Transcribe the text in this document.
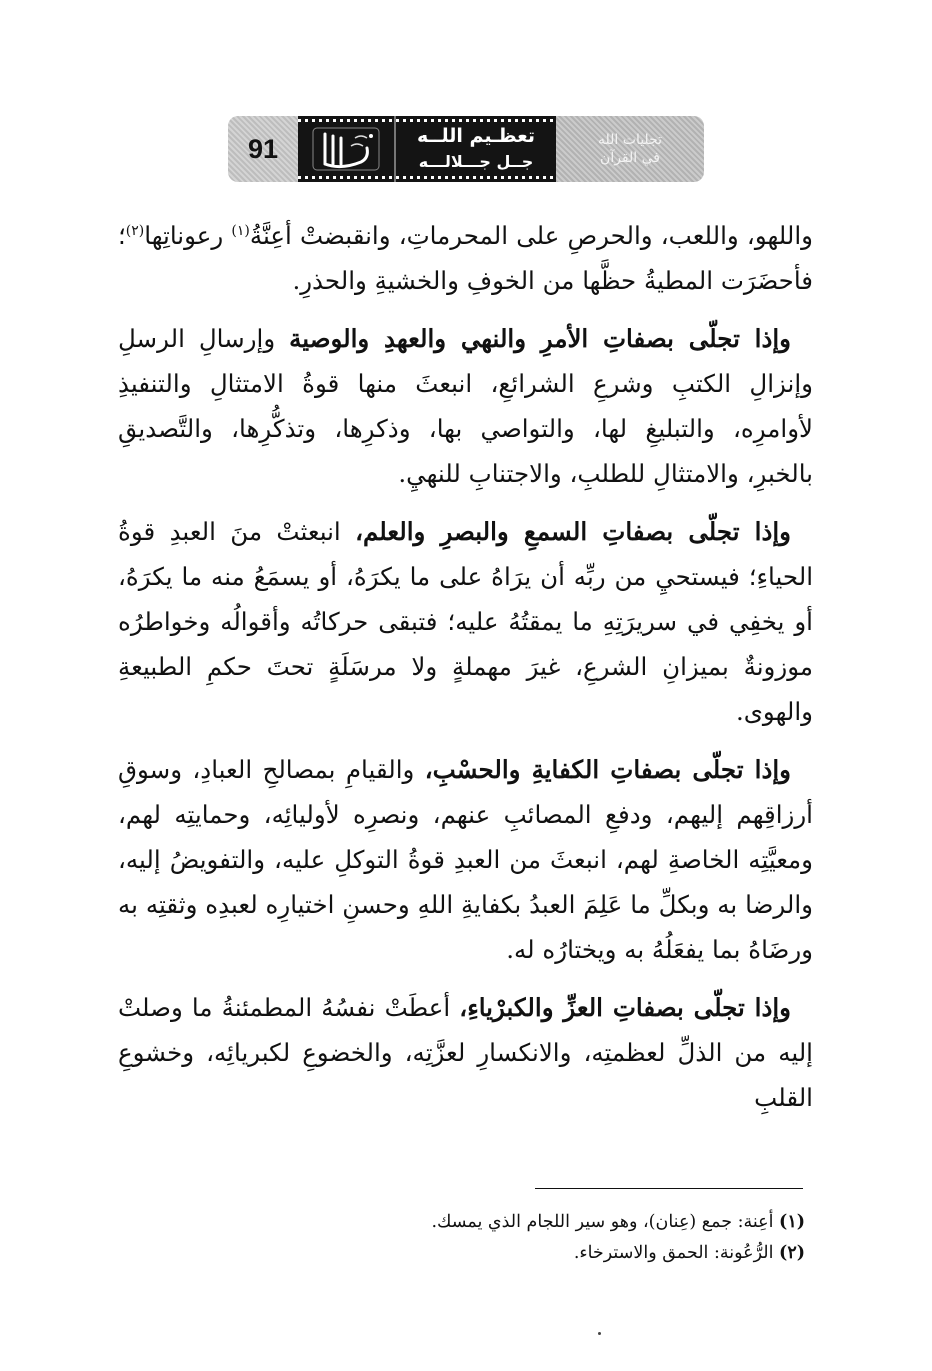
91	تعظـيم اللــه
جــل جـــلالـــه
تجليات الله
في القرآن

واللهو، واللعب، والحرصِ على المحرماتِ، وانقبضتْ أعِنَّةُ$^{(١)}$ رعوناتِها$^{(٢)}$؛ فأحضَرَت المطيةُ حظَّها من الخوفِ والخشيةِ والحذرِ.

وإذا تجلّى بصفاتِ الأمرِ والنهي والعهدِ والوصية وإرسالِ الرسلِ وإنزالِ الكتبِ وشرعِ الشرائعِ، انبعثَ منها قوةُ الامتثالِ والتنفيذِ لأوامرِه، والتبليغِ لها، والتواصي بها، وذكرِها، وتذكُّرِها، والتَّصديقِ بالخبرِ، والامتثالِ للطلبِ، والاجتنابِ للنهيِ.

وإذا تجلّى بصفاتِ السمعِ والبصرِ والعلم، انبعثتْ منَ العبدِ قوةُ الحياءِ؛ فيستحيِ من ربِّه أن يرَاهُ على ما يكرَهُ، أو يسمَعُ منه ما يكرَهُ، أو يخفِي في سريرَتِهِ ما يمقتُهُ عليه؛ فتبقى حركاتُه وأقوالُه وخواطرُه موزونةٌ بميزانِ الشرعِ، غيرَ مهملةٍ ولا مرسَلَةٍ تحتَ حكمِ الطبيعةِ والهوى.

وإذا تجلّى بصفاتِ الكفايةِ والحسْبِ، والقيامِ بمصالحِ العبادِ، وسوقِ أرزاقِهم إليهم، ودفعِ المصائبِ عنهم، ونصرِه لأوليائِه، وحمايتِه لهم، ومعيَّتِه الخاصةِ لهم، انبعثَ من العبدِ قوةُ التوكلِ عليه، والتفويضُ إليه، والرضا به وبكلِّ ما عَلِمَ العبدُ بكفايةِ اللهِ وحسنِ اختيارِه لعبدِه وثقتِه به ورضَاهُ بما يفعَلُهُ به ويختارُه له.

وإذا تجلّى بصفاتِ العزِّ والكبرْياءِ، أعطَتْ نفسُهُ المطمئنةُ ما وصلتْ إليه من الذلِّ لعظمتِه، والانكسارِ لعزَّتِه، والخضوعِ لكبريائِه، وخشوعِ القلبِ

(١) أعِنة: جمع (عِنان)، وهو سير اللجام الذي يمسك.
(٢) الرُّعُونة: الحمق والاسترخاء.
